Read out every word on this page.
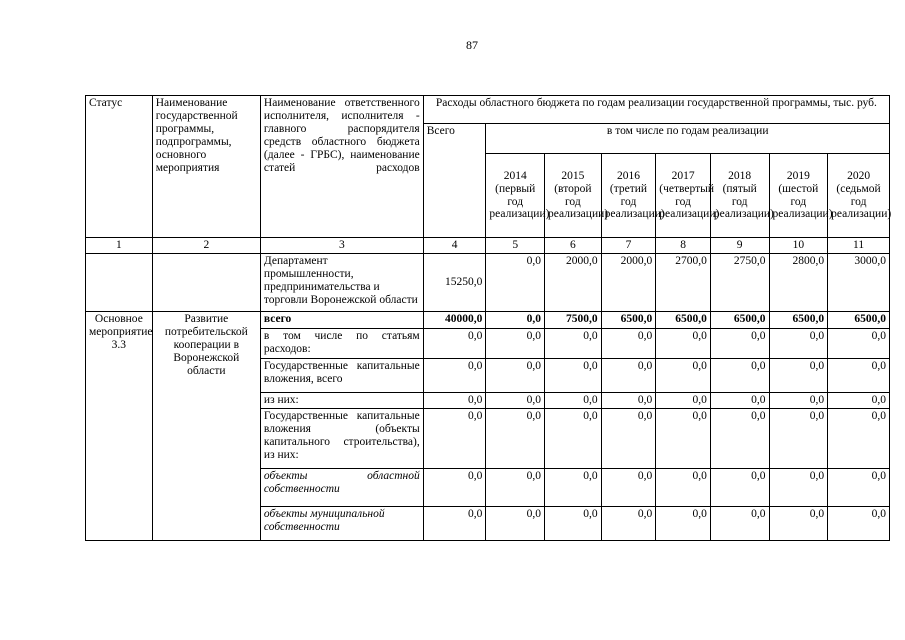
87
Статус	Наименование государственной программы, подпрограммы, основного мероприятия	Наименование ответственного исполнителя, исполнителя - главного распорядителя средств областного бюджета (далее - ГРБС), наименование статей расходов	Расходы областного бюджета по годам реализации государственной программы, тыс. руб.							
			Всего	в том числе по годам реализации						
				2014 (первый год реализации)	2015 (второй год реализации)	2016 (третий год реализации)	2017 (четвертый год реализации)	2018 (пятый год реализации)	2019 (шестой год реализации)	2020 (седьмой год реализации)
1	2	3	4	5	6	7	8	9	10	11
		Департамент промышленности, предпринимательства и торговли Воронежской области	15250,0	0,0	2000,0	2000,0	2700,0	2750,0	2800,0	3000,0
Основное мероприятие 3.3	Развитие потребительской кооперации в Воронежской области	всего	40000,0	0,0	7500,0	6500,0	6500,0	6500,0	6500,0	6500,0
		в том числе по статьям расходов:	0,0	0,0	0,0	0,0	0,0	0,0	0,0	0,0
		Государственные капитальные вложения, всего	0,0	0,0	0,0	0,0	0,0	0,0	0,0	0,0
		из них:	0,0	0,0	0,0	0,0	0,0	0,0	0,0	0,0
		Государственные капитальные вложения (объекты капитального строительства), из них:	0,0	0,0	0,0	0,0	0,0	0,0	0,0	0,0
		объекты областной собственности	0,0	0,0	0,0	0,0	0,0	0,0	0,0	0,0
		объекты муниципальной собственности	0,0	0,0	0,0	0,0	0,0	0,0	0,0	0,0
